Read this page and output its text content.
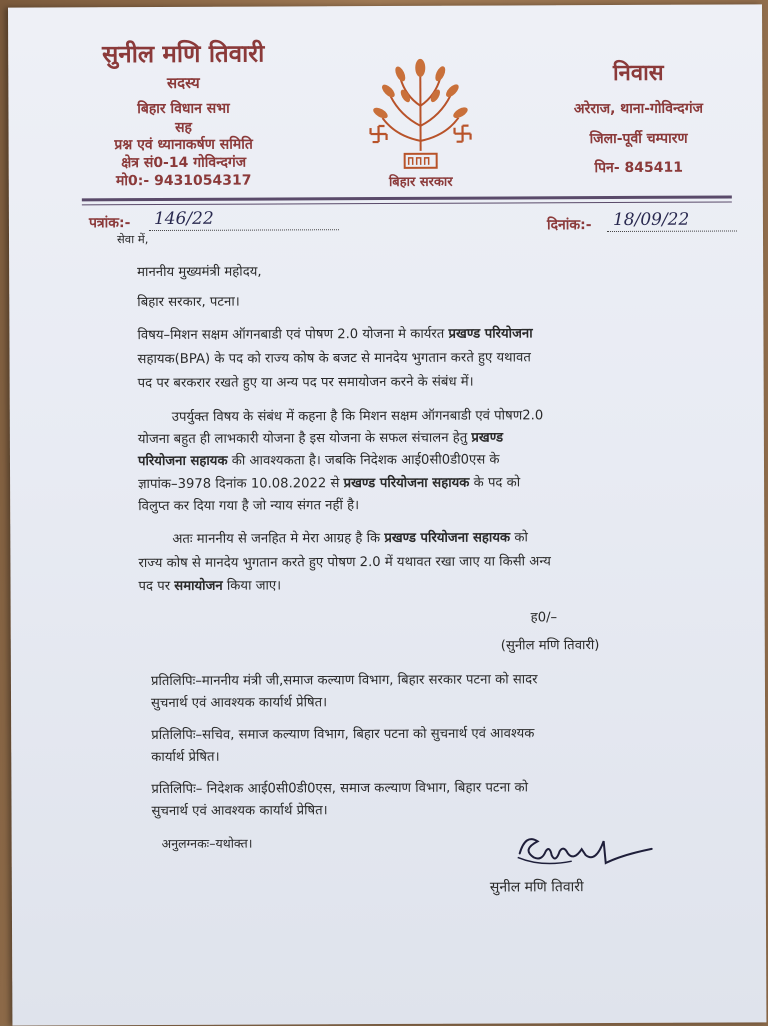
सुनील मणि तिवारी
सदस्य
बिहार विधान सभा
सह
प्रश्न एवं ध्यानाकर्षण समिति
क्षेत्र सं0-14 गोविन्दगंज
मो0:- 9431054317	बिहार सरकार
निवास
अरेराज, थाना-गोविन्दगंज
जिला-पूर्वी चम्पारण
पिन- 845411
पत्रांक:- 146/22	दिनांक:- 18/09/22
सेवा में,
माननीय मुख्यमंत्री महोदय,
बिहार सरकार, पटना।
विषय–मिशन सक्षम ऑगनबाडी एवं पोषण 2.0 योजना मे कार्यरत प्रखण्ड परियोजना
सहायक(BPA) के पद को राज्य कोष के बजट से मानदेय भुगतान करते हुए यथावत
पद पर बरकरार रखते हुए या अन्य पद पर समायोजन करने के संबंध में।
उपर्युक्त विषय के संबंध में कहना है कि मिशन सक्षम ऑगनबाडी एवं पोषण2.0
योजना बहुत ही लाभकारी योजना है इस योजना के सफल संचालन हेतु प्रखण्ड
परियोजना सहायक की आवश्यकता है। जबकि निदेशक आई0सी0डी0एस के
ज्ञापांक–3978 दिनांक 10.08.2022 से प्रखण्ड परियोजना सहायक के पद को
विलुप्त कर दिया गया है जो न्याय संगत नहीं है।
अतः माननीय से जनहित मे मेरा आग्रह है कि प्रखण्ड परियोजना सहायक को
राज्य कोष से मानदेय भुगतान करते हुए पोषण 2.0 में यथावत रखा जाए या किसी अन्य
पद पर समायोजन किया जाए।
ह0/–
(सुनील मणि तिवारी)
प्रतिलिपिः–माननीय मंत्री जी,समाज कल्याण विभाग, बिहार सरकार पटना को सादर
सुचनार्थ एवं आवश्यक कार्यार्थ प्रेषित।
प्रतिलिपिः–सचिव, समाज कल्याण विभाग, बिहार पटना को सुचनार्थ एवं आवश्यक
कार्यार्थ प्रेषित।
प्रतिलिपिः– निदेशक आई0सी0डी0एस, समाज कल्याण विभाग, बिहार पटना को
सुचनार्थ एवं आवश्यक कार्यार्थ प्रेषित।
अनुलग्नकः–यथोक्त।
सुनील मणि तिवारी
